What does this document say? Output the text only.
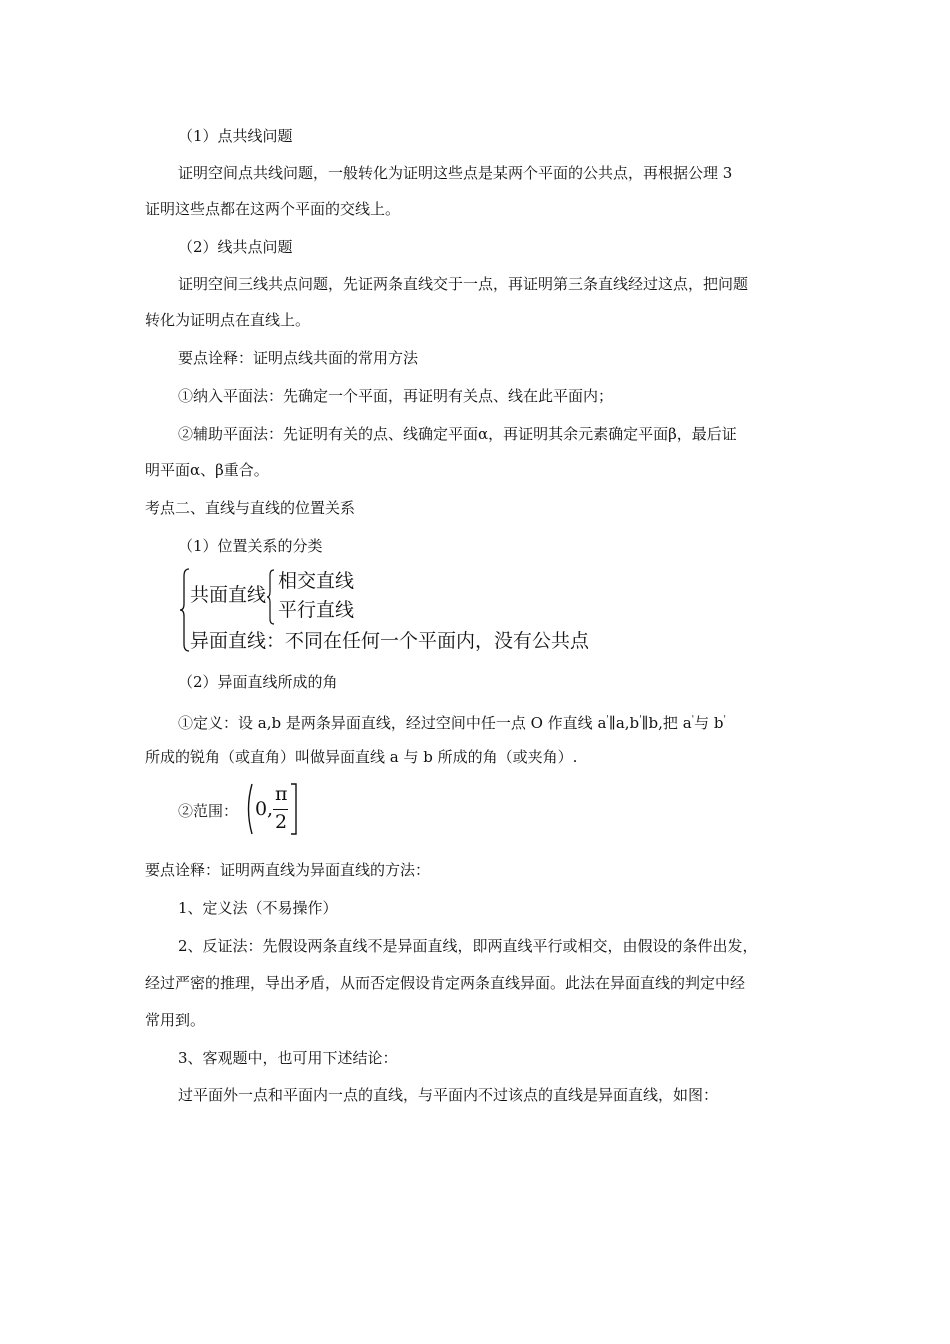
（1）点共线问题
证明空间点共线问题，一般转化为证明这些点是某两个平面的公共点，再根据公理 3
证明这些点都在这两个平面的交线上。
（2）线共点问题
证明空间三线共点问题，先证两条直线交于一点，再证明第三条直线经过这点，把问题
转化为证明点在直线上。
要点诠释：证明点线共面的常用方法
①纳入平面法：先确定一个平面，再证明有关点、线在此平面内；
②辅助平面法：先证明有关的点、线确定平面α，再证明其余元素确定平面β，最后证
明平面α、β重合。
考点二、直线与直线的位置关系
（1）位置关系的分类
共面直线
相交直线
平行直线
异面直线：不同在任何一个平面内，没有公共点
（2）异面直线所成的角
①定义：设 a,b 是两条异面直线，经过空间中任一点 O 作直线 a'∥a,b'∥b,把 a'与 b'
所成的锐角（或直角）叫做异面直线 a 与 b 所成的角（或夹角）.
②范围： 0 ,
π
2
要点诠释：证明两直线为异面直线的方法：
1、定义法（不易操作）
2、反证法：先假设两条直线不是异面直线，即两直线平行或相交，由假设的条件出发，
经过严密的推理，导出矛盾，从而否定假设肯定两条直线异面。此法在异面直线的判定中经
常用到。
3、客观题中，也可用下述结论：
过平面外一点和平面内一点的直线，与平面内不过该点的直线是异面直线，如图：
